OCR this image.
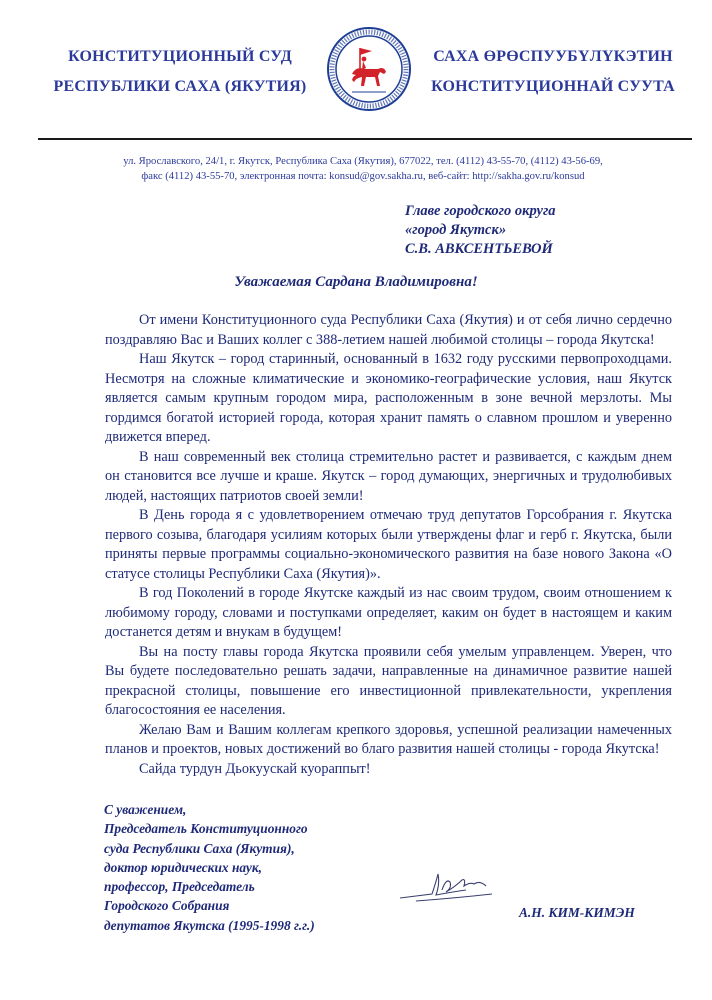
КОНСТИТУЦИОННЫЙ СУД
РЕСПУБЛИКИ САХА (ЯКУТИЯ)
САХА ӨРӨСПУУБҮЛҮКЭТИН
КОНСТИТУЦИОННАЙ СУУТА
ул. Ярославского, 24/1, г. Якутск, Республика Саха (Якутия), 677022, тел. (4112) 43-55-70, (4112) 43-56-69,
факс (4112) 43-55-70, электронная почта: konsud@gov.sakha.ru, веб-сайт: http://sakha.gov.ru/konsud
Главе городского округа
«город Якутск»
С.В. АВКСЕНТЬЕВОЙ
Уважаемая Сардана Владимировна!

От имени Конституционного суда Республики Саха (Якутия) и от себя лично сердечно поздравляю Вас и Ваших коллег с 388-летием нашей любимой столицы – города Якутска!

Наш Якутск – город старинный, основанный в 1632 году русскими первопроходцами. Несмотря на сложные климатические и экономико-географические условия, наш Якутск является самым крупным городом мира, расположенным в зоне вечной мерзлоты. Мы гордимся богатой историей города, которая хранит память о славном прошлом и уверенно движется вперед.

В наш современный век столица стремительно растет и развивается, с каждым днем он становится все лучше и краше. Якутск – город думающих, энергичных и трудолюбивых людей, настоящих патриотов своей земли!

В День города я с удовлетворением отмечаю труд депутатов Горсобрания г. Якутска первого созыва, благодаря усилиям которых были утверждены флаг и герб г. Якутска, были приняты первые программы социально-экономического развития на базе нового Закона «О статусе столицы Республики Саха (Якутия)».

В год Поколений в городе Якутске каждый из нас своим трудом, своим отношением к любимому городу, словами и поступками определяет, каким он будет в настоящем и каким достанется детям и внукам в будущем!

Вы на посту главы города Якутска проявили себя умелым управленцем. Уверен, что Вы будете последовательно решать задачи, направленные на динамичное развитие нашей прекрасной столицы, повышение его инвестиционной привлекательности, укрепления благосостояния ее населения.

Желаю Вам и Вашим коллегам крепкого здоровья, успешной реализации намеченных планов и проектов, новых достижений во благо развития нашей столицы - города Якутска!

Сайда турдун Дьокуускай куораппыт!

С уважением,
Председатель Конституционного
суда Республики Саха (Якутия),
доктор юридических наук,
профессор, Председатель
Городского Собрания
депутатов Якутска (1995-1998 г.г.)
А.Н. КИМ-КИМЭН
